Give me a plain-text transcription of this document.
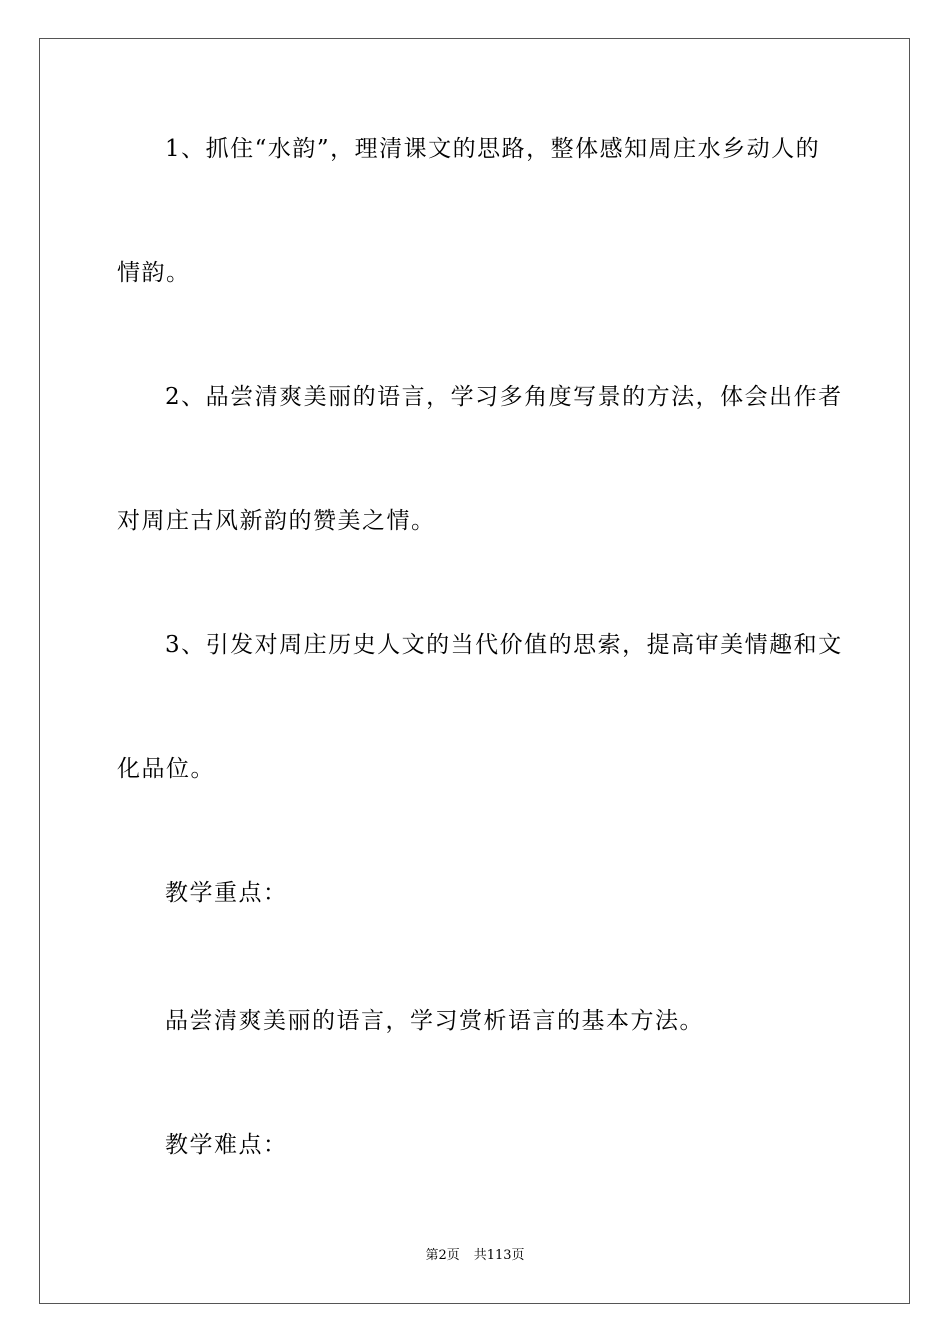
1、抓住“水韵”，理清课文的思路，整体感知周庄水乡动人的
情韵。
2、品尝清爽美丽的语言，学习多角度写景的方法，体会出作者
对周庄古风新韵的赞美之情。
3、引发对周庄历史人文的当代价值的思索，提高审美情趣和文
化品位。
教学重点：
品尝清爽美丽的语言，学习赏析语言的基本方法。
教学难点：
第2页 共113页
